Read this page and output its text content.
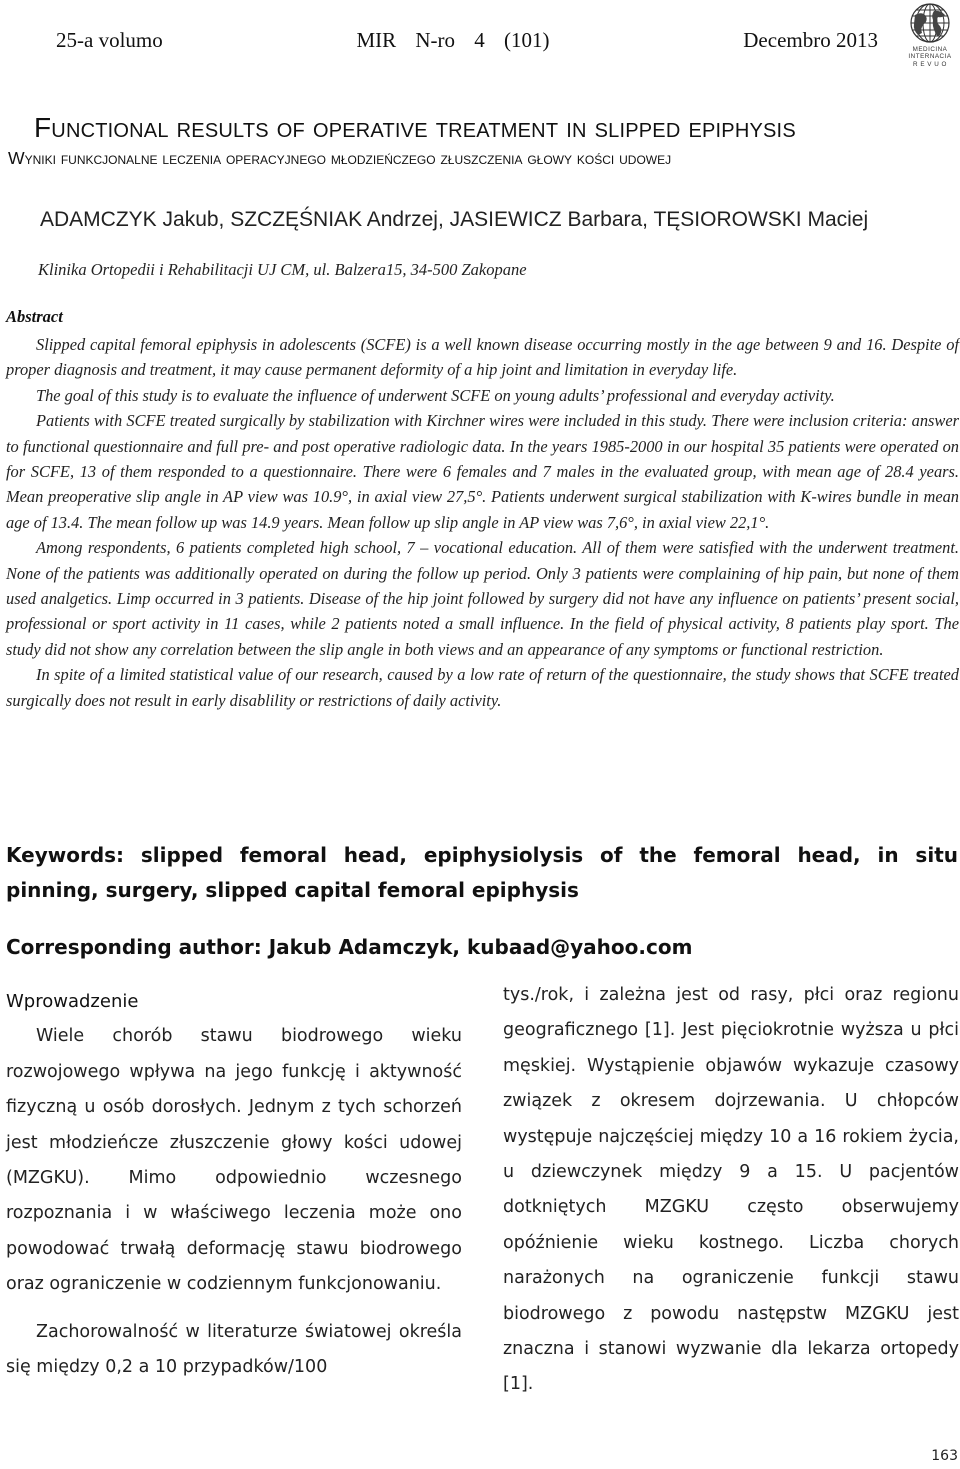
25-a volumo	MIR N-ro 4 (101)	Decembro 2013	MEDICINA
INTERNACIA
R E V U O
Functional results of operative treatment in slipped epiphysis
Wyniki funkcjonalne leczenia operacyjnego młodzieńczego złuszczenia głowy kości udowej
ADAMCZYK Jakub, SZCZĘŚNIAK Andrzej, JASIEWICZ Barbara, TĘSIOROWSKI Maciej
Klinika Ortopedii i Rehabilitacji UJ CM, ul. Balzera15, 34-500 Zakopane
Abstract

Slipped capital femoral epiphysis in adolescents (SCFE) is a well known disease occurring mostly in the age between 9 and 16. Despite of proper diagnosis and treatment, it may cause permanent deformity of a hip joint and limitation in everyday life.

The goal of this study is to evaluate the influence of underwent SCFE on young adults’ professional and everyday activity.

Patients with SCFE treated surgically by stabilization with Kirchner wires were included in this study. There were inclusion criteria: answer to functional questionnaire and full pre- and post operative radiologic data. In the years 1985-2000 in our hospital 35 patients were operated on for SCFE, 13 of them responded to a questionnaire. There were 6 females and 7 males in the evaluated group, with mean age of 28.4 years. Mean preoperative slip angle in AP view was 10.9°, in axial view 27,5°. Patients underwent surgical stabilization with K-wires bundle in mean age of 13.4. The mean follow up was 14.9 years. Mean follow up slip angle in AP view was 7,6°, in axial view 22,1°.

Among respondents, 6 patients completed high school, 7 – vocational education. All of them were satisfied with the underwent treatment. None of the patients was additionally operated on during the follow up period. Only 3 patients were complaining of hip pain, but none of them used analgetics. Limp occurred in 3 patients. Disease of the hip joint followed by surgery did not have any influence on patients’ present social, professional or sport activity in 11 cases, while 2 patients noted a small influence. In the field of physical activity, 8 patients play sport. The study did not show any correlation between the slip angle in both views and an appearance of any symptoms or functional restriction.

In spite of a limited statistical value of our research, caused by a low rate of return of the questionnaire, the study shows that SCFE treated surgically does not result in early disablility or restrictions of daily activity.

Keywords: slipped femoral head, epiphysiolysis of the femoral head, in situ pinning, surgery, slipped capital femoral epiphysis
Corresponding author: Jakub Adamczyk, kubaad@yahoo.com

Wprowadzenie

Wiele chorób stawu biodrowego wieku rozwojowego wpływa na jego funkcję i aktywność fizyczną u osób dorosłych. Jednym z tych schorzeń jest młodzieńcze złuszczenie głowy kości udowej (MZGKU). Mimo odpowiednio wczesnego rozpoznania i w właściwego leczenia może ono powodować trwałą deformację stawu biodrowego oraz ograniczenie w codziennym funkcjonowaniu.

Zachorowalność w literaturze światowej określa się między 0,2 a 10 przypadków/100

tys./rok, i zależna jest od rasy, płci oraz regionu geograficznego [1]. Jest pięciokrotnie wyższa u płci męskiej. Wystąpienie objawów wykazuje czasowy związek z okresem dojrzewania. U chłopców występuje najczęściej między 10 a 16 rokiem życia, u dziewczynek między 9 a 15. U pacjentów dotkniętych MZGKU często obserwujemy opóźnienie wieku kostnego. Liczba chorych narażonych na ograniczenie funkcji stawu biodrowego z powodu następstw MZGKU jest znaczna i stanowi wyzwanie dla lekarza ortopedy [1].

163
